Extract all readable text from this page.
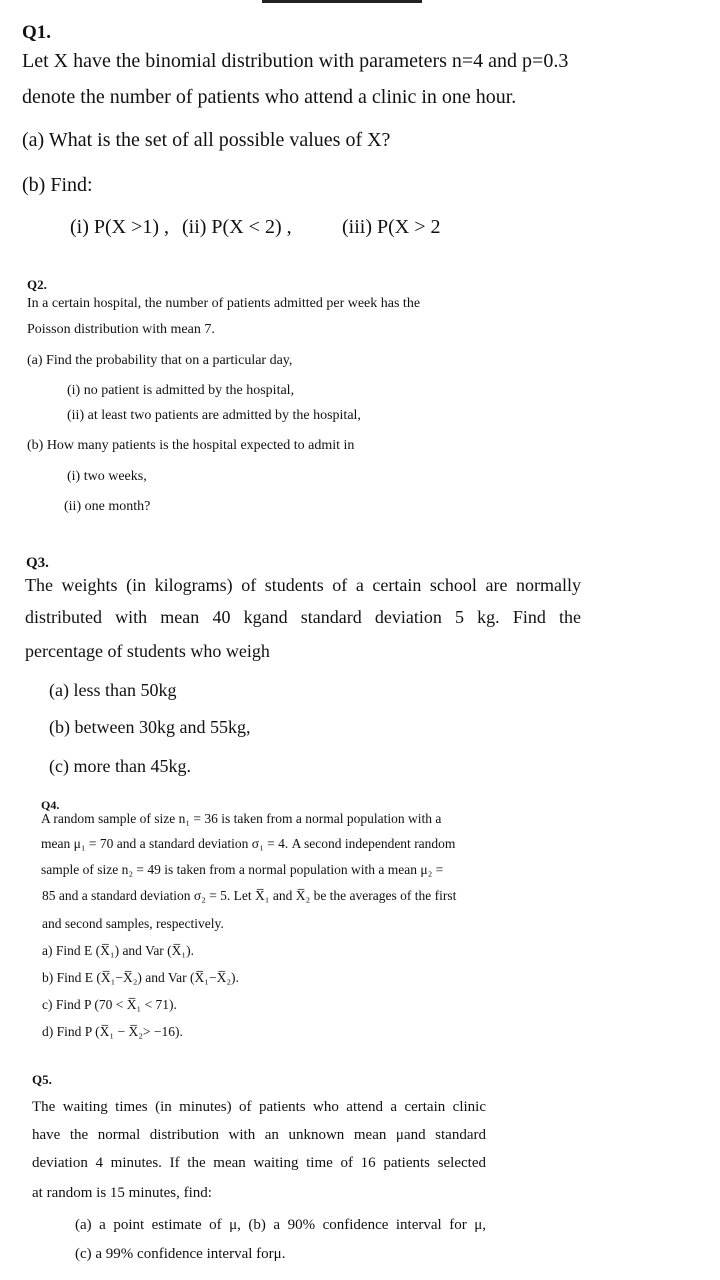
Q1.
Let X have the binomial distribution with parameters n=4 and p=0.3
denote the number of patients who attend a clinic in one hour.
(a) What is the set of all possible values of X?
(b) Find:
(i) P(X >1) , (ii) P(X < 2) ,	(iii) P(X > 2
Q2.
In a certain hospital, the number of patients admitted per week has the
Poisson distribution with mean 7.
(a) Find the probability that on a particular day,
(i) no patient is admitted by the hospital,
(ii) at least two patients are admitted by the hospital,
(b) How many patients is the hospital expected to admit in
(i) two weeks,
(ii) one month?
Q3.
The weights (in kilograms) of students of a certain school are normally
distributed with mean 40 kgand standard deviation 5 kg. Find the
percentage of students who weigh
(a) less than 50kg
(b) between 30kg and 55kg,
(c) more than 45kg.
Q4.
A random sample of size n₁ = 36 is taken from a normal population with a
mean μ₁ = 70 and a standard deviation σ₁ = 4. A second independent random
sample of size n₂ = 49 is taken from a normal population with a mean μ₂ =
85 and a standard deviation σ₂ = 5. Let X̅₁ and X̅₂ be the averages of the first
and second samples, respectively.
a) Find E (X̅₁) and Var (X̅₁).
b) Find E (X̅₁−X̅₂) and Var (X̅₁−X̅₂).
c) Find P (70 < X̅₁ < 71).
d) Find P (X̅₁ − X̅₂> −16).
Q5.
The waiting times (in minutes) of patients who attend a certain clinic
have the normal distribution with an unknown mean μand standard
deviation 4 minutes. If the mean waiting time of 16 patients selected
at random is 15 minutes, find:
(a) a point estimate of μ, (b) a 90% confidence interval for μ,
(c) a 99% confidence interval forμ.
